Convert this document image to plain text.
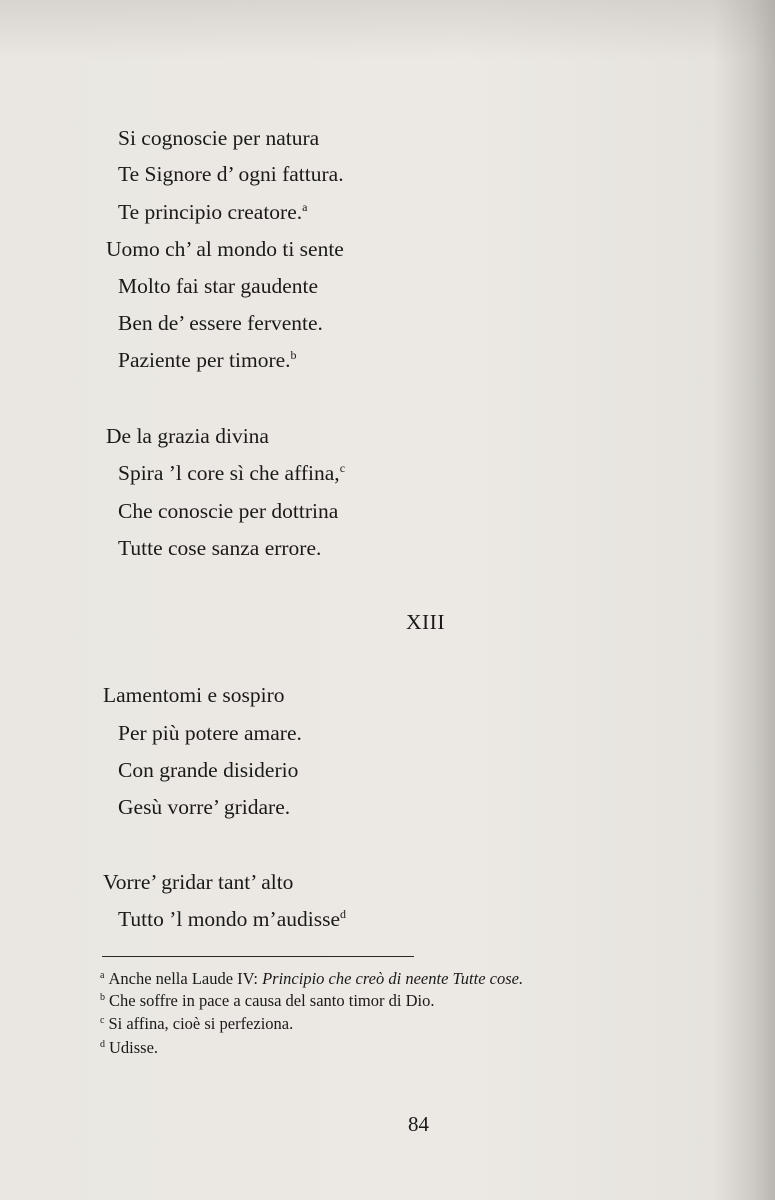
Si cognoscie per natura
Te Signore d’ ogni fattura.
Te principio creatore.$^a$
Uomo ch’ al mondo ti sente
Molto fai star gaudente
Ben de’ essere fervente.
Paziente per timore.$^b$
De la grazia divina
Spira ’l core sì che affina,$^c$
Che conoscie per dottrina
Tutte cose sanza errore.
XIII
Lamentomi e sospiro
Per più potere amare.
Con grande disiderio
Gesù vorre’ gridare.
Vorre’ gridar tant’ alto
Tutto ’l mondo m’audisse$^d$
$^a$ Anche nella Laude IV: Principio che creò di neente Tutte cose.
$^b$ Che soffre in pace a causa del santo timor di Dio.
$^c$ Si affina, cioè si perfeziona.
$^d$ Udisse.
84
